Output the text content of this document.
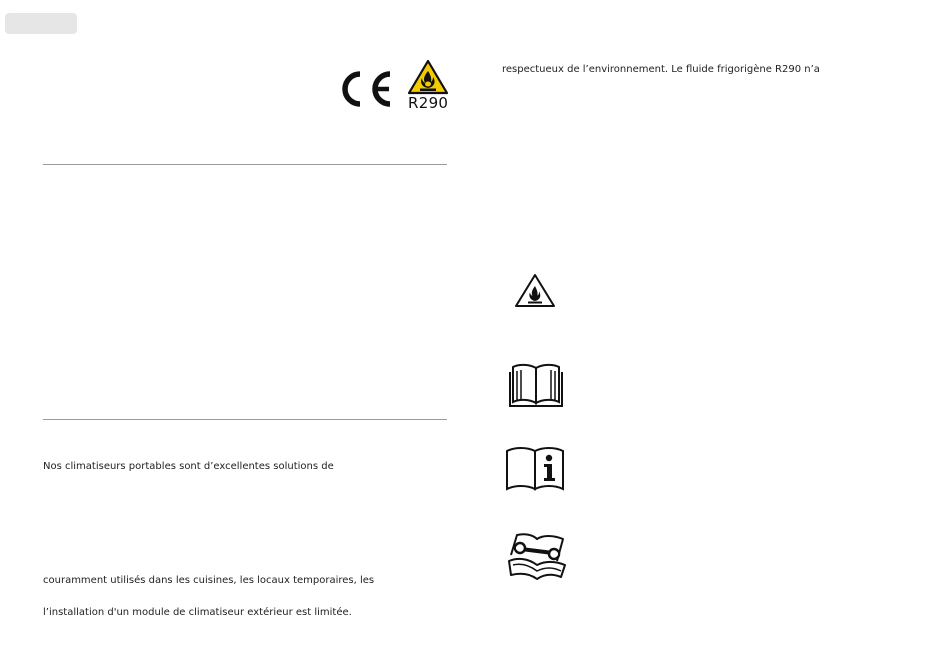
R290
Nos climatiseurs portables sont d’excellentes solutions de
couramment utilisés dans les cuisines, les locaux temporaires, les
l’installation d'un module de climatiseur extérieur est limitée.
respectueux de l’environnement. Le fluide frigorigène R290 n’a
